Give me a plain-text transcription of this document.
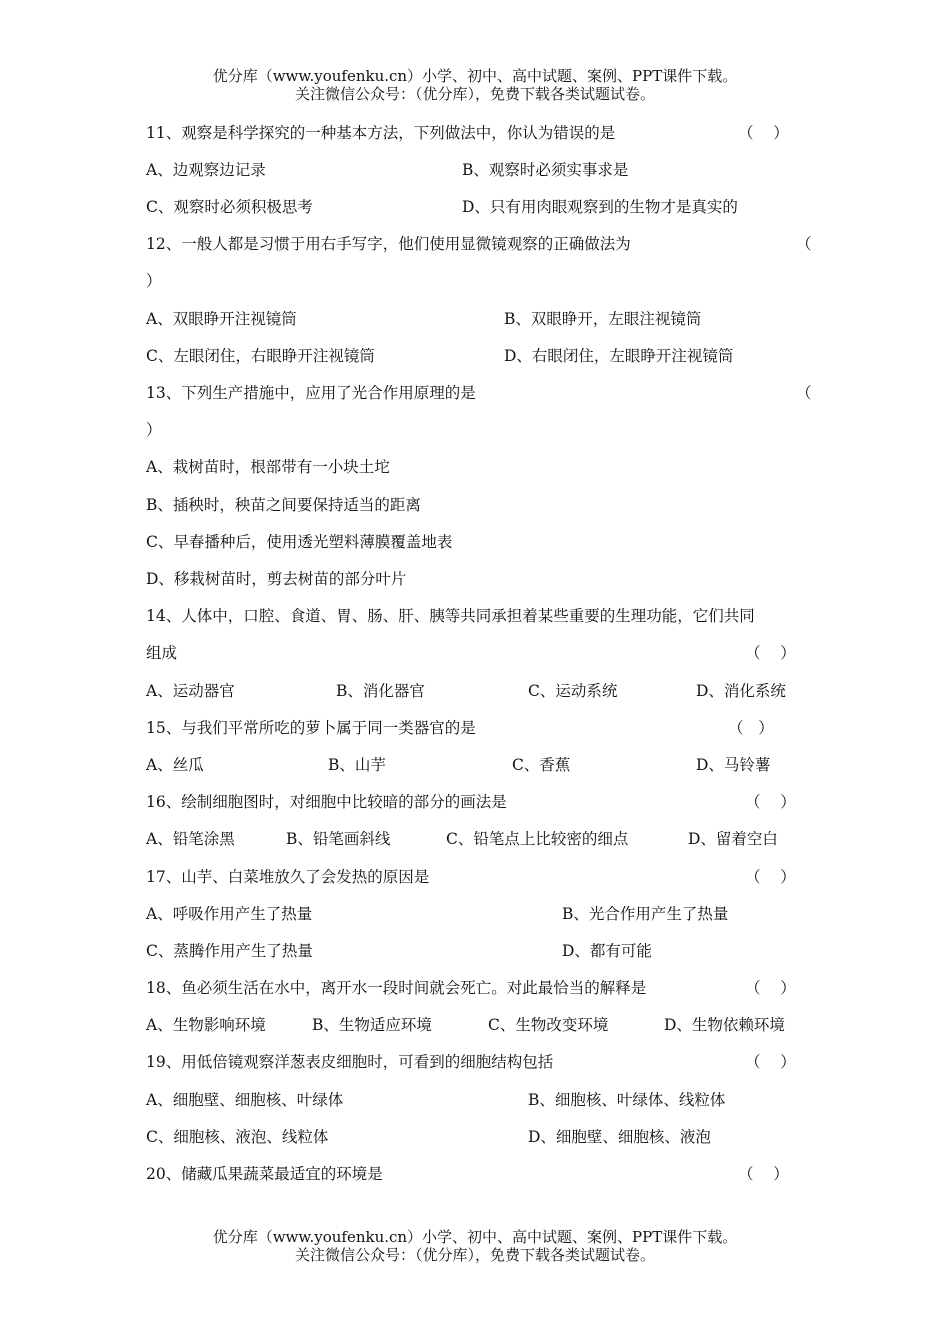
优分库（www.youfenku.cn）小学、初中、高中试题、案例、PPT课件下载。
关注微信公众号：（优分库），免费下载各类试题试卷。
11、观察是科学探究的一种基本方法，下列做法中，你认为错误的是	（    ）
A、边观察边记录	B、观察时必须实事求是
C、观察时必须积极思考	D、只有用肉眼观察到的生物才是真实的
12、一般人都是习惯于用右手写字，他们使用显微镜观察的正确做法为	（
）
A、双眼睁开注视镜筒	B、双眼睁开，左眼注视镜筒
C、左眼闭住，右眼睁开注视镜筒	D、右眼闭住，左眼睁开注视镜筒
13、下列生产措施中，应用了光合作用原理的是	（
）
A、栽树苗时，根部带有一小块土坨
B、插秧时，秧苗之间要保持适当的距离
C、早春播种后，使用透光塑料薄膜覆盖地表
D、移栽树苗时，剪去树苗的部分叶片
14、人体中，口腔、食道、胃、肠、肝、胰等共同承担着某些重要的生理功能，它们共同
组成	（    ）
A、运动器官	B、消化器官	C、运动系统	D、消化系统
15、与我们平常所吃的萝卜属于同一类器官的是	（   ）
A、丝瓜	B、山芋	C、香蕉	D、马铃薯
16、绘制细胞图时，对细胞中比较暗的部分的画法是	（    ）
A、铅笔涂黑	B、铅笔画斜线	C、铅笔点上比较密的细点	D、留着空白
17、山芋、白菜堆放久了会发热的原因是	（    ）
A、呼吸作用产生了热量	B、光合作用产生了热量
C、蒸腾作用产生了热量	D、都有可能
18、鱼必须生活在水中，离开水一段时间就会死亡。对此最恰当的解释是	（    ）
A、生物影响环境	B、生物适应环境	C、生物改变环境	D、生物依赖环境
19、用低倍镜观察洋葱表皮细胞时，可看到的细胞结构包括	（    ）
A、细胞壁、细胞核、叶绿体	B、细胞核、叶绿体、线粒体
C、细胞核、液泡、线粒体	D、细胞壁、细胞核、液泡
20、储藏瓜果蔬菜最适宜的环境是	（    ）
优分库（www.youfenku.cn）小学、初中、高中试题、案例、PPT课件下载。
关注微信公众号：（优分库），免费下载各类试题试卷。
